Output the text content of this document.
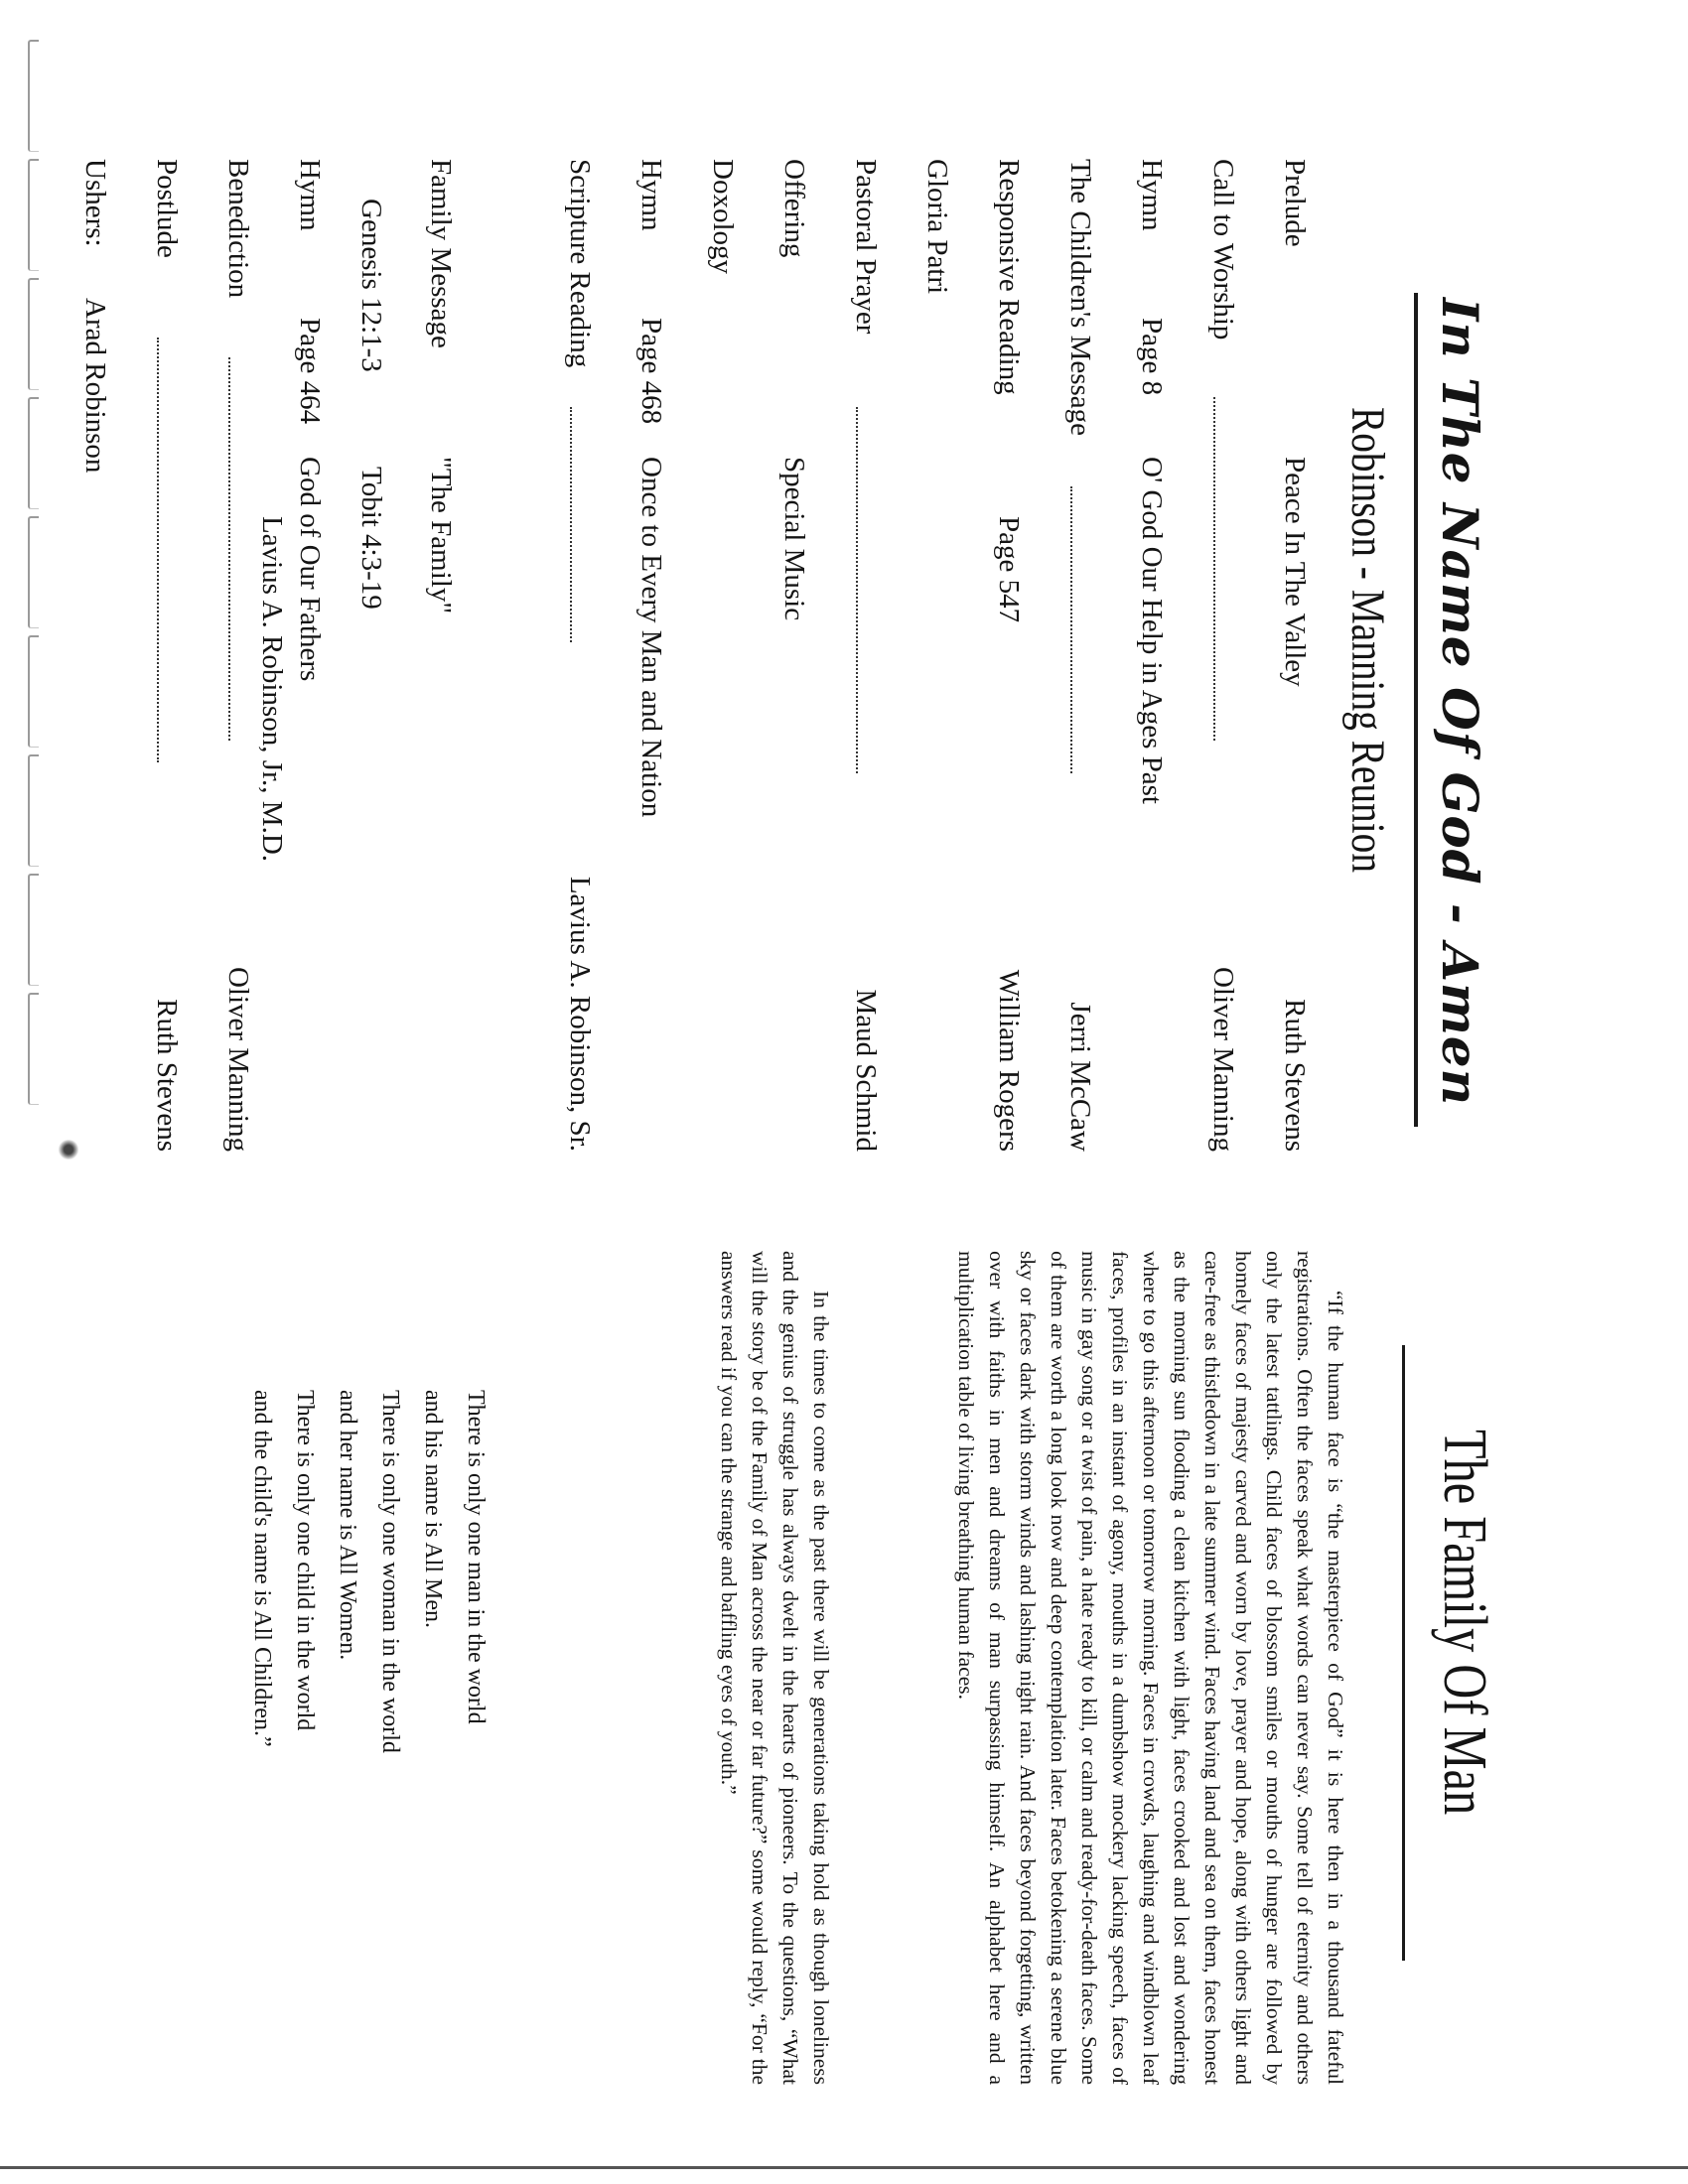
In The Name Of God - Amen
Robinson - Manning Reunion
Prelude
Peace In The Valley
Ruth Stevens
Call to Worship
Oliver Manning
Hymn
Page 8
O' God Our Help in Ages Past
The Children's Message
Jerri McCaw
Responsive Reading
Page 547
William Rogers
Gloria Patri
Pastoral Prayer
Maud Schmid
Offering
Special Music
Doxology
Hymn
Page 468
Once to Every Man and Nation
Scripture Reading
Lavius A. Robinson, Sr.
Family Message
"The Family"
Hymn
Page 464
God of Our Fathers
Benediction
Oliver Manning
Postlude
Ruth Stevens
Ushers:
Arad Robinson
Genesis 12:1-3
Tobit 4:3-19
Lavius A. Robinson, Jr., M.D.
The Family Of Man

“If the human face is “the masterpiece of God” it is here then in a thousand fateful registrations. Often the faces speak what words can never say. Some tell of eternity and others only the latest tattlings. Child faces of blossom smiles or mouths of hunger are followed by homely faces of majesty carved and worn by love, prayer and hope, along with others light and care-free as thistledown in a late summer wind. Faces having land and sea on them, faces honest as the morning sun flooding a clean kitchen with light, faces crooked and lost and wondering where to go this afternoon or tomorrow morning. Faces in crowds, laughing and windblown leaf faces, profiles in an instant of agony, mouths in a dumbshow mockery lacking speech, faces of music in gay song or a twist of pain, a hate ready to kill, or calm and ready-for-death faces. Some of them are worth a long look now and deep contemplation later. Faces betokening a serene blue sky or faces dark with storm winds and lashing night rain. And faces beyond forgetting, written over with faiths in men and dreams of man surpassing himself. An alphabet here and a multiplication table of living breathing human faces.

In the times to come as the past there will be generations taking hold as though loneliness and the genius of struggle has always dwelt in the hearts of pioneers. To the questions, “What will the story be of the Family of Man across the near or far future?” some would reply, “For the answers read if you can the strange and baffling eyes of youth.”

There is only one man in the world
and his name is All Men.
There is only one woman in the world
and her name is All Women.
There is only one child in the world
and the child's name is All Children.”
